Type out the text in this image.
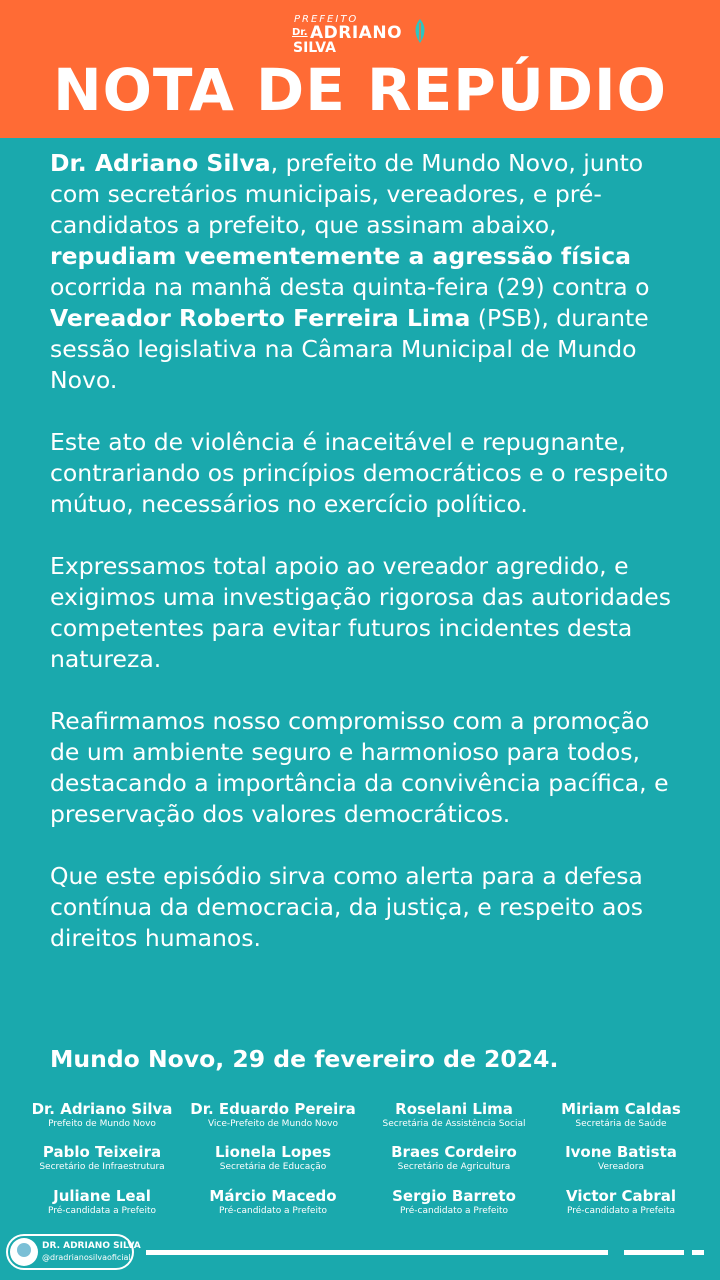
PREFEITO
Dr. ADRIANO
SILVA
NOTA DE REPÚDIO

Dr. Adriano Silva, prefeito de Mundo Novo, junto com secretários municipais, vereadores, e pré-candidatos a prefeito, que assinam abaixo, repudiam veementemente a agressão física ocorrida na manhã desta quinta-feira (29) contra o Vereador Roberto Ferreira Lima (PSB), durante sessão legislativa na Câmara Municipal de Mundo Novo.

Este ato de violência é inaceitável e repugnante, contrariando os princípios democráticos e o respeito mútuo, necessários no exercício político.

Expressamos total apoio ao vereador agredido, e exigimos uma investigação rigorosa das autoridades competentes para evitar futuros incidentes desta natureza.

Reafirmamos nosso compromisso com a promoção de um ambiente seguro e harmonioso para todos, destacando a importância da convivência pacífica, e preservação dos valores democráticos.

Que este episódio sirva como alerta para a defesa contínua da democracia, da justiça, e respeito aos direitos humanos.

Mundo Novo, 29 de fevereiro de 2024.
Dr. Adriano Silva
Prefeito de Mundo Novo
Dr. Eduardo Pereira
Vice-Prefeito de Mundo Novo
Roselani Lima
Secretária de Assistência Social
Miriam Caldas
Secretária de Saúde
Pablo Teixeira
Secretário de Infraestrutura
Lionela Lopes
Secretária de Educação
Braes Cordeiro
Secretário de Agricultura
Ivone Batista
Vereadora
Juliane Leal
Pré-candidata a Prefeito
Márcio Macedo
Pré-candidato a Prefeito
Sergio Barreto
Pré-candidato a Prefeito
Victor Cabral
Pré-candidato a Prefeita
DR. ADRIANO SILVA
@dradrianosilvaoficial
